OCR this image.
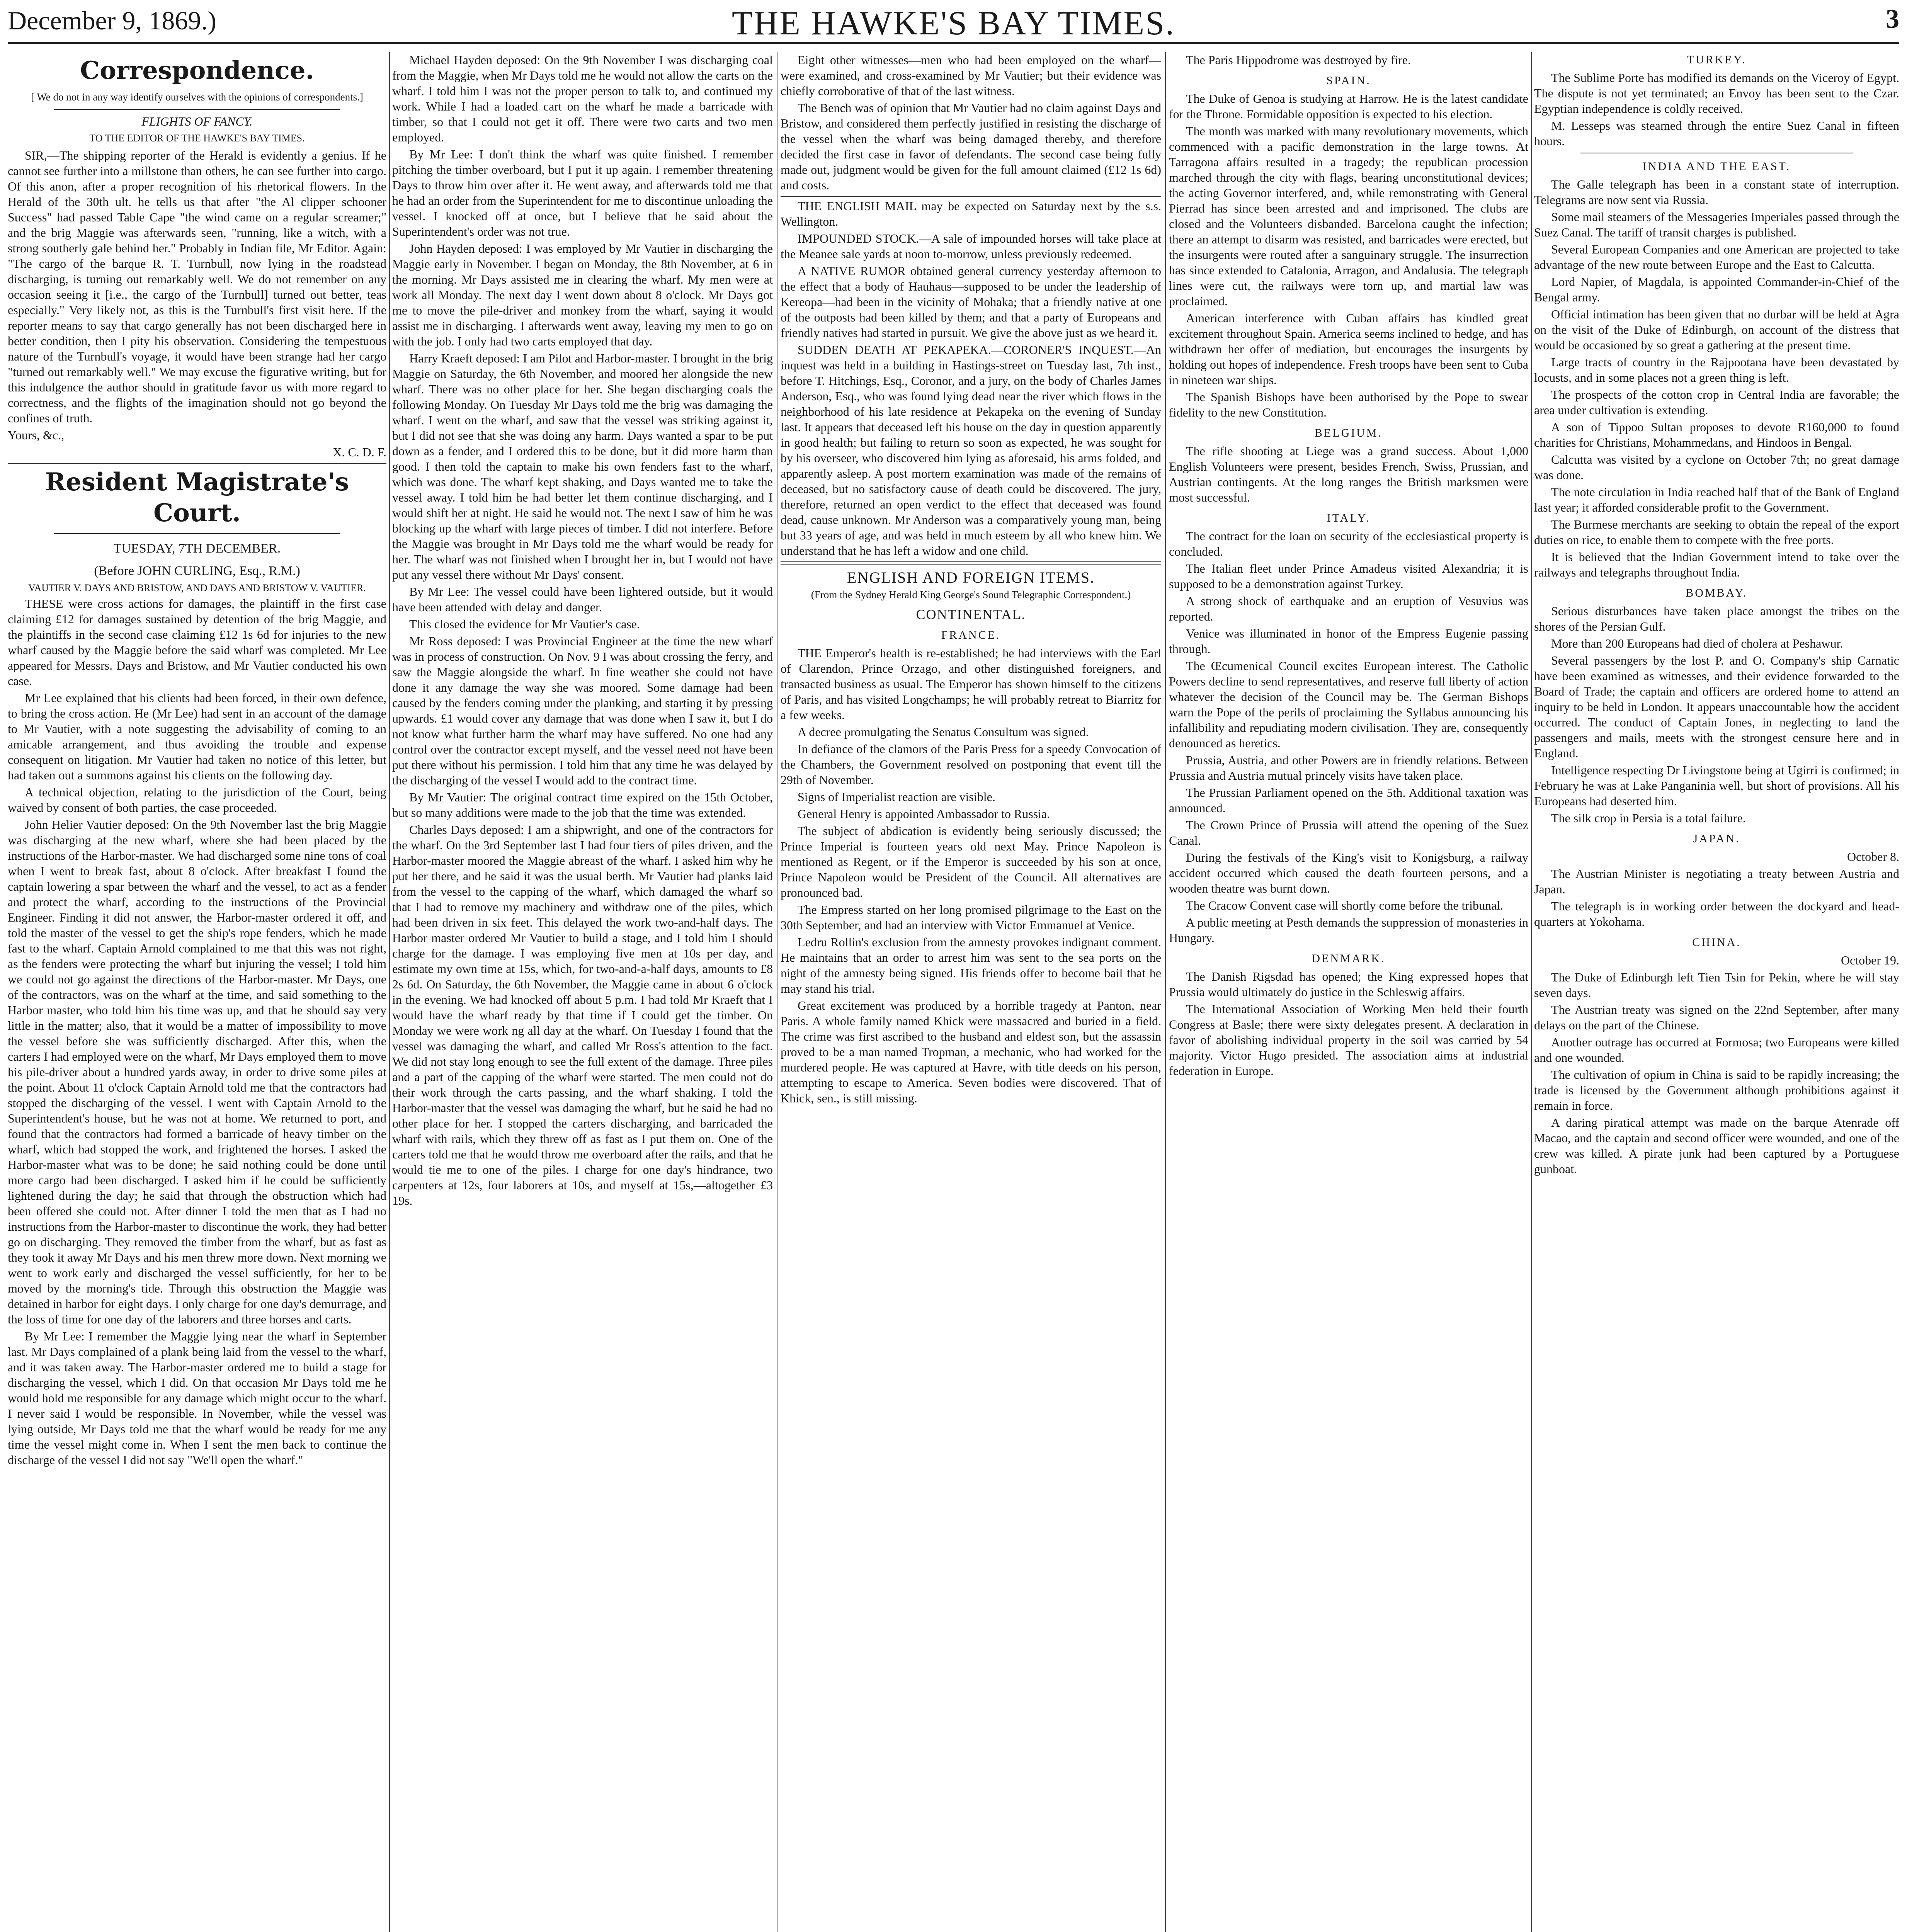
December 9, 1869.)	THE HAWKE'S BAY TIMES.	3
Correspondence.
[ We do not in any way identify ourselves with the opinions of correspondents.]

FLIGHTS OF FANCY.

TO THE EDITOR OF THE HAWKE'S BAY TIMES.

SIR,—The shipping reporter of the Herald is evidently a genius. If he cannot see further into a millstone than others, he can see further into cargo. Of this anon, after a proper recognition of his rhetorical flowers. In the Herald of the 30th ult. he tells us that after "the Al clipper schooner Success" had passed Table Cape "the wind came on a regular screamer;" and the brig Maggie was afterwards seen, "running, like a witch, with a strong southerly gale behind her." Probably in Indian file, Mr Editor. Again: "The cargo of the barque R. T. Turnbull, now lying in the roadstead discharging, is turning out remarkably well. We do not remember on any occasion seeing it [i.e., the cargo of the Turnbull] turned out better, teas especially." Very likely not, as this is the Turnbull's first visit here. If the reporter means to say that cargo generally has not been discharged here in better condition, then I pity his observation. Considering the tempestuous nature of the Turnbull's voyage, it would have been strange had her cargo "turned out remarkably well." We may excuse the figurative writing, but for this indulgence the author should in gratitude favor us with more regard to correctness, and the flights of the imagination should not go beyond the confines of truth.

Yours, &c.,

X. C. D. F.

Resident Magistrate's Court.
TUESDAY, 7TH DECEMBER.
(Before JOHN CURLING, Esq., R.M.)

VAUTIER V. DAYS AND BRISTOW, AND DAYS AND BRISTOW V. VAUTIER.

THESE were cross actions for damages, the plaintiff in the first case claiming £12 for damages sustained by detention of the brig Maggie, and the plaintiffs in the second case claiming £12 1s 6d for injuries to the new wharf caused by the Maggie before the said wharf was completed. Mr Lee appeared for Messrs. Days and Bristow, and Mr Vautier conducted his own case.

Mr Lee explained that his clients had been forced, in their own defence, to bring the cross action. He (Mr Lee) had sent in an account of the damage to Mr Vautier, with a note suggesting the advisability of coming to an amicable arrangement, and thus avoiding the trouble and expense consequent on litigation. Mr Vautier had taken no notice of this letter, but had taken out a summons against his clients on the following day.

A technical objection, relating to the jurisdiction of the Court, being waived by consent of both parties, the case proceeded.

John Helier Vautier deposed: On the 9th November last the brig Maggie was discharging at the new wharf, where she had been placed by the instructions of the Harbor-master. We had discharged some nine tons of coal when I went to break fast, about 8 o'clock. After breakfast I found the captain lowering a spar between the wharf and the vessel, to act as a fender and protect the wharf, according to the instructions of the Provincial Engineer. Finding it did not answer, the Harbor-master ordered it off, and told the master of the vessel to get the ship's rope fenders, which he made fast to the wharf. Captain Arnold complained to me that this was not right, as the fenders were protecting the wharf but injuring the vessel; I told him we could not go against the directions of the Harbor-master. Mr Days, one of the contractors, was on the wharf at the time, and said something to the Harbor master, who told him his time was up, and that he should say very little in the matter; also, that it would be a matter of impossibility to move the vessel before she was sufficiently discharged. After this, when the carters I had employed were on the wharf, Mr Days employed them to move his pile-driver about a hundred yards away, in order to drive some piles at the point. About 11 o'clock Captain Arnold told me that the contractors had stopped the discharging of the vessel. I went with Captain Arnold to the Superintendent's house, but he was not at home. We returned to port, and found that the contractors had formed a barricade of heavy timber on the wharf, which had stopped the work, and frightened the horses. I asked the Harbor-master what was to be done; he said nothing could be done until more cargo had been discharged. I asked him if he could be sufficiently lightened during the day; he said that through the obstruction which had been offered she could not. After dinner I told the men that as I had no instructions from the Harbor-master to discontinue the work, they had better go on discharging. They removed the timber from the wharf, but as fast as they took it away Mr Days and his men threw more down. Next morning we went to work early and discharged the vessel sufficiently, for her to be moved by the morning's tide. Through this obstruction the Maggie was detained in harbor for eight days. I only charge for one day's demurrage, and the loss of time for one day of the laborers and three horses and carts.

By Mr Lee: I remember the Maggie lying near the wharf in September last. Mr Days complained of a plank being laid from the vessel to the wharf, and it was taken away. The Harbor-master ordered me to build a stage for discharging the vessel, which I did. On that occasion Mr Days told me he would hold me responsible for any damage which might occur to the wharf. I never said I would be responsible. In November, while the vessel was lying outside, Mr Days told me that the wharf would be ready for me any time the vessel might come in. When I sent the men back to continue the discharge of the vessel I did not say "We'll open the wharf."

Michael Hayden deposed: On the 9th November I was discharging coal from the Maggie, when Mr Days told me he would not allow the carts on the wharf. I told him I was not the proper person to talk to, and continued my work. While I had a loaded cart on the wharf he made a barricade with timber, so that I could not get it off. There were two carts and two men employed.

By Mr Lee: I don't think the wharf was quite finished. I remember pitching the timber overboard, but I put it up again. I remember threatening Days to throw him over after it. He went away, and afterwards told me that he had an order from the Superintendent for me to discontinue unloading the vessel. I knocked off at once, but I believe that he said about the Superintendent's order was not true.

John Hayden deposed: I was employed by Mr Vautier in discharging the Maggie early in November. I began on Monday, the 8th November, at 6 in the morning. Mr Days assisted me in clearing the wharf. My men were at work all Monday. The next day I went down about 8 o'clock. Mr Days got me to move the pile-driver and monkey from the wharf, saying it would assist me in discharging. I afterwards went away, leaving my men to go on with the job. I only had two carts employed that day.

Harry Kraeft deposed: I am Pilot and Harbor-master. I brought in the brig Maggie on Saturday, the 6th November, and moored her alongside the new wharf. There was no other place for her. She began discharging coals the following Monday. On Tuesday Mr Days told me the brig was damaging the wharf. I went on the wharf, and saw that the vessel was striking against it, but I did not see that she was doing any harm. Days wanted a spar to be put down as a fender, and I ordered this to be done, but it did more harm than good. I then told the captain to make his own fenders fast to the wharf, which was done. The wharf kept shaking, and Days wanted me to take the vessel away. I told him he had better let them continue discharging, and I would shift her at night. He said he would not. The next I saw of him he was blocking up the wharf with large pieces of timber. I did not interfere. Before the Maggie was brought in Mr Days told me the wharf would be ready for her. The wharf was not finished when I brought her in, but I would not have put any vessel there without Mr Days' consent.

By Mr Lee: The vessel could have been lightered outside, but it would have been attended with delay and danger.

This closed the evidence for Mr Vautier's case.

Mr Ross deposed: I was Provincial Engineer at the time the new wharf was in process of construction. On Nov. 9 I was about crossing the ferry, and saw the Maggie alongside the wharf. In fine weather she could not have done it any damage the way she was moored. Some damage had been caused by the fenders coming under the planking, and starting it by pressing upwards. £1 would cover any damage that was done when I saw it, but I do not know what further harm the wharf may have suffered. No one had any control over the contractor except myself, and the vessel need not have been put there without his permission. I told him that any time he was delayed by the discharging of the vessel I would add to the contract time.

By Mr Vautier: The original contract time expired on the 15th October, but so many additions were made to the job that the time was extended.

Charles Days deposed: I am a shipwright, and one of the contractors for the wharf. On the 3rd September last I had four tiers of piles driven, and the Harbor-master moored the Maggie abreast of the wharf. I asked him why he put her there, and he said it was the usual berth. Mr Vautier had planks laid from the vessel to the capping of the wharf, which damaged the wharf so that I had to remove my machinery and withdraw one of the piles, which had been driven in six feet. This delayed the work two-and-half days. The Harbor master ordered Mr Vautier to build a stage, and I told him I should charge for the damage. I was employing five men at 10s per day, and estimate my own time at 15s, which, for two-and-a-half days, amounts to £8 2s 6d. On Saturday, the 6th November, the Maggie came in about 6 o'clock in the evening. We had knocked off about 5 p.m. I had told Mr Kraeft that I would have the wharf ready by that time if I could get the timber. On Monday we were work ng all day at the wharf. On Tuesday I found that the vessel was damaging the wharf, and called Mr Ross's attention to the fact. We did not stay long enough to see the full extent of the damage. Three piles and a part of the capping of the wharf were started. The men could not do their work through the carts passing, and the wharf shaking. I told the Harbor-master that the vessel was damaging the wharf, but he said he had no other place for her. I stopped the carters discharging, and barricaded the wharf with rails, which they threw off as fast as I put them on. One of the carters told me that he would throw me overboard after the rails, and that he would tie me to one of the piles. I charge for one day's hindrance, two carpenters at 12s, four laborers at 10s, and myself at 15s,—altogether £3 19s.

Eight other witnesses—men who had been employed on the wharf—were examined, and cross-examined by Mr Vautier; but their evidence was chiefly corroborative of that of the last witness.

The Bench was of opinion that Mr Vautier had no claim against Days and Bristow, and considered them perfectly justified in resisting the discharge of the vessel when the wharf was being damaged thereby, and therefore decided the first case in favor of defendants. The second case being fully made out, judgment would be given for the full amount claimed (£12 1s 6d) and costs.

THE ENGLISH MAIL may be expected on Saturday next by the s.s. Wellington.

IMPOUNDED STOCK.—A sale of impounded horses will take place at the Meanee sale yards at noon to-morrow, unless previously redeemed.

A NATIVE RUMOR obtained general currency yesterday afternoon to the effect that a body of Hauhaus—supposed to be under the leadership of Kereopa—had been in the vicinity of Mohaka; that a friendly native at one of the outposts had been killed by them; and that a party of Europeans and friendly natives had started in pursuit. We give the above just as we heard it.

SUDDEN DEATH AT PEKAPEKA.—CORONER'S INQUEST.—An inquest was held in a building in Hastings-street on Tuesday last, 7th inst., before T. Hitchings, Esq., Coronor, and a jury, on the body of Charles James Anderson, Esq., who was found lying dead near the river which flows in the neighborhood of his late residence at Pekapeka on the evening of Sunday last. It appears that deceased left his house on the day in question apparently in good health; but failing to return so soon as expected, he was sought for by his overseer, who discovered him lying as aforesaid, his arms folded, and apparently asleep. A post mortem examination was made of the remains of deceased, but no satisfactory cause of death could be discovered. The jury, therefore, returned an open verdict to the effect that deceased was found dead, cause unknown. Mr Anderson was a comparatively young man, being but 33 years of age, and was held in much esteem by all who knew him. We understand that he has left a widow and one child.

ENGLISH AND FOREIGN ITEMS.
(From the Sydney Herald King George's Sound Telegraphic Correspondent.)
CONTINENTAL.
FRANCE.

THE Emperor's health is re-established; he had interviews with the Earl of Clarendon, Prince Orzago, and other distinguished foreigners, and transacted business as usual. The Emperor has shown himself to the citizens of Paris, and has visited Longchamps; he will probably retreat to Biarritz for a few weeks.

A decree promulgating the Senatus Consultum was signed.

In defiance of the clamors of the Paris Press for a speedy Convocation of the Chambers, the Government resolved on postponing that event till the 29th of November.

Signs of Imperialist reaction are visible.

General Henry is appointed Ambassador to Russia.

The subject of abdication is evidently being seriously discussed; the Prince Imperial is fourteen years old next May. Prince Napoleon is mentioned as Regent, or if the Emperor is succeeded by his son at once, Prince Napoleon would be President of the Council. All alternatives are pronounced bad.

The Empress started on her long promised pilgrimage to the East on the 30th September, and had an interview with Victor Emmanuel at Venice.

Ledru Rollin's exclusion from the amnesty provokes indignant comment. He maintains that an order to arrest him was sent to the sea ports on the night of the amnesty being signed. His friends offer to become bail that he may stand his trial.

Great excitement was produced by a horrible tragedy at Panton, near Paris. A whole family named Khick were massacred and buried in a field. The crime was first ascribed to the husband and eldest son, but the assassin proved to be a man named Tropman, a mechanic, who had worked for the murdered people. He was captured at Havre, with title deeds on his person, attempting to escape to America. Seven bodies were discovered. That of Khick, sen., is still missing.

The Paris Hippodrome was destroyed by fire.

SPAIN.

The Duke of Genoa is studying at Harrow. He is the latest candidate for the Throne. Formidable opposition is expected to his election.

The month was marked with many revolutionary movements, which commenced with a pacific demonstration in the large towns. At Tarragona affairs resulted in a tragedy; the republican procession marched through the city with flags, bearing unconstitutional devices; the acting Governor interfered, and, while remonstrating with General Pierrad has since been arrested and and imprisoned. The clubs are closed and the Volunteers disbanded. Barcelona caught the infection; there an attempt to disarm was resisted, and barricades were erected, but the insurgents were routed after a sanguinary struggle. The insurrection has since extended to Catalonia, Arragon, and Andalusia. The telegraph lines were cut, the railways were torn up, and martial law was proclaimed.

American interference with Cuban affairs has kindled great excitement throughout Spain. America seems inclined to hedge, and has withdrawn her offer of mediation, but encourages the insurgents by holding out hopes of independence. Fresh troops have been sent to Cuba in nineteen war ships.

The Spanish Bishops have been authorised by the Pope to swear fidelity to the new Constitution.

BELGIUM.

The rifle shooting at Liege was a grand success. About 1,000 English Volunteers were present, besides French, Swiss, Prussian, and Austrian contingents. At the long ranges the British marksmen were most successful.

ITALY.

The contract for the loan on security of the ecclesiastical property is concluded.

The Italian fleet under Prince Amadeus visited Alexandria; it is supposed to be a demonstration against Turkey.

A strong shock of earthquake and an eruption of Vesuvius was reported.

Venice was illuminated in honor of the Empress Eugenie passing through.

The Œcumenical Council excites European interest. The Catholic Powers decline to send representatives, and reserve full liberty of action whatever the decision of the Council may be. The German Bishops warn the Pope of the perils of proclaiming the Syllabus announcing his infallibility and repudiating modern civilisation. They are, consequently denounced as heretics.

Prussia, Austria, and other Powers are in friendly relations. Between Prussia and Austria mutual princely visits have taken place.

The Prussian Parliament opened on the 5th. Additional taxation was announced.

The Crown Prince of Prussia will attend the opening of the Suez Canal.

During the festivals of the King's visit to Konigsburg, a railway accident occurred which caused the death fourteen persons, and a wooden theatre was burnt down.

The Cracow Convent case will shortly come before the tribunal.

A public meeting at Pesth demands the suppression of monasteries in Hungary.

DENMARK.

The Danish Rigsdad has opened; the King expressed hopes that Prussia would ultimately do justice in the Schleswig affairs.

The International Association of Working Men held their fourth Congress at Basle; there were sixty delegates present. A declaration in favor of abolishing individual property in the soil was carried by 54 majority. Victor Hugo presided. The association aims at industrial federation in Europe.

TURKEY.

The Sublime Porte has modified its demands on the Viceroy of Egypt. The dispute is not yet terminated; an Envoy has been sent to the Czar. Egyptian independence is coldly received.

M. Lesseps was steamed through the entire Suez Canal in fifteen hours.

INDIA AND THE EAST.

The Galle telegraph has been in a constant state of interruption. Telegrams are now sent via Russia.

Some mail steamers of the Messageries Imperiales passed through the Suez Canal. The tariff of transit charges is published.

Several European Companies and one American are projected to take advantage of the new route between Europe and the East to Calcutta.

Lord Napier, of Magdala, is appointed Commander-in-Chief of the Bengal army.

Official intimation has been given that no durbar will be held at Agra on the visit of the Duke of Edinburgh, on account of the distress that would be occasioned by so great a gathering at the present time.

Large tracts of country in the Rajpootana have been devastated by locusts, and in some places not a green thing is left.

The prospects of the cotton crop in Central India are favorable; the area under cultivation is extending.

A son of Tippoo Sultan proposes to devote R160,000 to found charities for Christians, Mohammedans, and Hindoos in Bengal.

Calcutta was visited by a cyclone on October 7th; no great damage was done.

The note circulation in India reached half that of the Bank of England last year; it afforded considerable profit to the Government.

The Burmese merchants are seeking to obtain the repeal of the export duties on rice, to enable them to compete with the free ports.

It is believed that the Indian Government intend to take over the railways and telegraphs throughout India.

BOMBAY.

Serious disturbances have taken place amongst the tribes on the shores of the Persian Gulf.

More than 200 Europeans had died of cholera at Peshawur.

Several passengers by the lost P. and O. Company's ship Carnatic have been examined as witnesses, and their evidence forwarded to the Board of Trade; the captain and officers are ordered home to attend an inquiry to be held in London. It appears unaccountable how the accident occurred. The conduct of Captain Jones, in neglecting to land the passengers and mails, meets with the strongest censure here and in England.

Intelligence respecting Dr Livingstone being at Ugirri is confirmed; in February he was at Lake Panganinia well, but short of provisions. All his Europeans had deserted him.

The silk crop in Persia is a total failure.

JAPAN.

October 8.

The Austrian Minister is negotiating a treaty between Austria and Japan.

The telegraph is in working order between the dockyard and head-quarters at Yokohama.

CHINA.

October 19.

The Duke of Edinburgh left Tien Tsin for Pekin, where he will stay seven days.

The Austrian treaty was signed on the 22nd September, after many delays on the part of the Chinese.

Another outrage has occurred at Formosa; two Europeans were killed and one wounded.

The cultivation of opium in China is said to be rapidly increasing; the trade is licensed by the Government although prohibitions against it remain in force.

A daring piratical attempt was made on the barque Atenrade off Macao, and the captain and second officer were wounded, and one of the crew was killed. A pirate junk had been captured by a Portuguese gunboat.
